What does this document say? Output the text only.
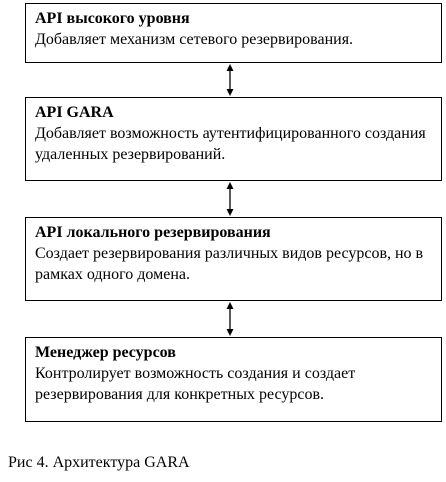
API высокого уровня
Добавляет механизм сетевого резервирования.
API GARA
Добавляет возможность аутентифицированного создания удаленных резервирований.
API локального резервирования
Создает резервирования различных видов ресурсов, но в рамках одного домена.
Менеджер ресурсов
Контролирует возможность создания и создает резервирования для конкретных ресурсов.
Рис 4. Архитектура GARA
